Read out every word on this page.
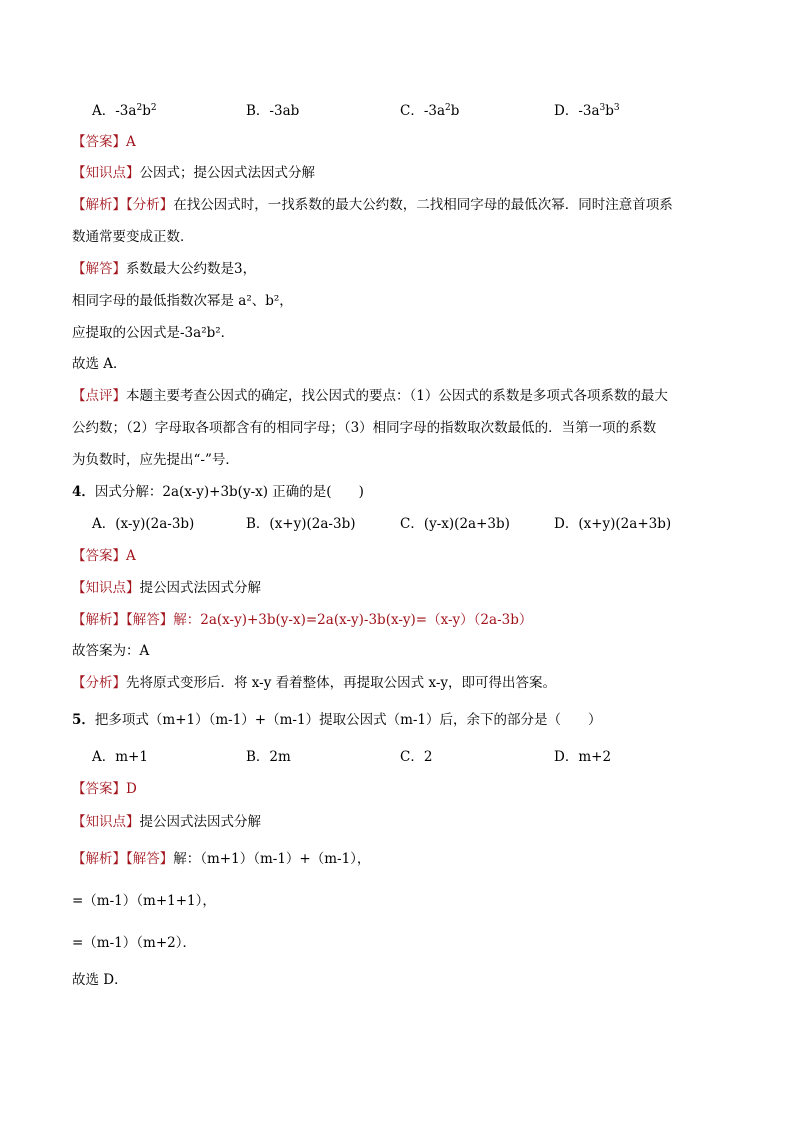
A．$-3a^2b^2$	B．-3ab	C．$-3a^2b$	D．$-3a^3b^3$
【答案】A
【知识点】公因式；提公因式法因式分解
【解析】【分析】在找公因式时，一找系数的最大公约数，二找相同字母的最低次幂．同时注意首项系
数通常要变成正数．
【解答】系数最大公约数是3，
相同字母的最低指数次幂是 a²、b²，
应提取的公因式是-3a²b²．
故选 A．
【点评】本题主要考查公因式的确定，找公因式的要点：（1）公因式的系数是多项式各项系数的最大
公约数；（2）字母取各项都含有的相同字母；（3）相同字母的指数取次数最低的．当第一项的系数
为负数时，应先提出“-”号．
4．因式分解：2a(x-y)+3b(y-x) 正确的是(　　)
A．(x-y)(2a-3b)	B．(x+y)(2a-3b)	C．(y-x)(2a+3b)	D．(x+y)(2a+3b)
【答案】A
【知识点】提公因式法因式分解
【解析】【解答】解：2a(x-y)+3b(y-x)=2a(x-y)-3b(x-y)=（x-y）（2a-3b）
故答案为：A
【分析】先将原式变形后．将 x-y 看着整体，再提取公因式 x-y，即可得出答案。
5．把多项式（m+1）（m-1）+（m-1）提取公因式（m-1）后，余下的部分是（　　）
A．m+1	B．2m	C．2	D．m+2
【答案】D
【知识点】提公因式法因式分解
【解析】【解答】解：（m+1）（m-1）+（m-1），
=（m-1）（m+1+1），
=（m-1）（m+2）．
故选 D．
